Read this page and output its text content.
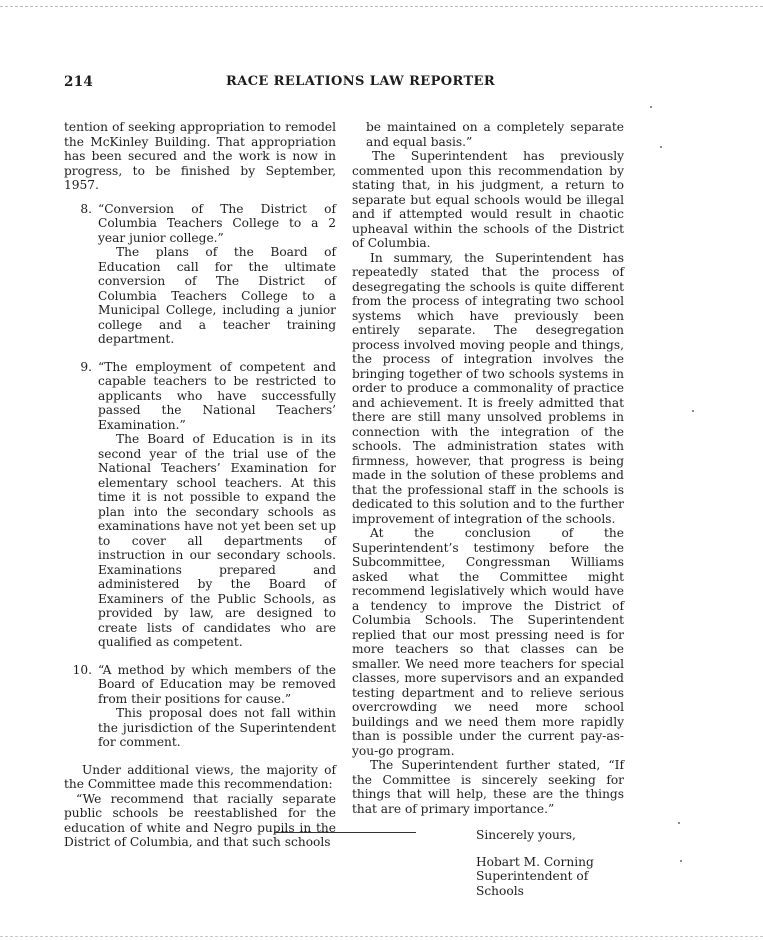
214	RACE RELATIONS LAW REPORTER

tention of seeking appropriation to remodel the McKinley Building. That appropriation has been secured and the work is now in progress, to be finished by September, 1957.

8. “Conversion of The District of Columbia Teachers College to a 2 year junior college.”

The plans of the Board of Education call for the ultimate conversion of The District of Columbia Teachers College to a Municipal College, including a junior college and a teacher training department.

9. “The employment of competent and capable teachers to be restricted to applicants who have successfully passed the National Teachers’ Examination.”

The Board of Education is in its second year of the trial use of the National Teachers’ Examination for elementary school teachers. At this time it is not possible to expand the plan into the secondary schools as examinations have not yet been set up to cover all departments of instruction in our secondary schools. Examinations prepared and administered by the Board of Examiners of the Public Schools, as provided by law, are designed to create lists of candidates who are qualified as competent.

10. “A method by which members of the Board of Education may be removed from their positions for cause.”

This proposal does not fall within the jurisdiction of the Superintendent for comment.

Under additional views, the majority of the Committee made this recommendation:

“We recommend that racially separate public schools be reestablished for the education of white and Negro pupils in the District of Columbia, and that such schools

be maintained on a completely separate and equal basis.”

The Superintendent has previously commented upon this recommendation by stating that, in his judgment, a return to separate but equal schools would be illegal and if attempted would result in chaotic upheaval within the schools of the District of Columbia.

In summary, the Superintendent has repeatedly stated that the process of desegregating the schools is quite different from the process of integrating two school systems which have previously been entirely separate. The desegregation process involved moving people and things, the process of integration involves the bringing together of two schools systems in order to produce a commonality of practice and achievement. It is freely admitted that there are still many unsolved problems in connection with the integration of the schools. The administration states with firmness, however, that progress is being made in the solution of these problems and that the professional staff in the schools is dedicated to this solution and to the further improvement of integration of the schools.

At the conclusion of the Superintendent’s testimony before the Subcommittee, Congressman Williams asked what the Committee might recommend legislatively which would have a tendency to improve the District of Columbia Schools. The Superintendent replied that our most pressing need is for more teachers so that classes can be smaller. We need more teachers for special classes, more supervisors and an expanded testing department and to relieve serious overcrowding we need more school buildings and we need them more rapidly than is possible under the current pay-as-you-go program.

The Superintendent further stated, “If the Committee is sincerely seeking for things that will help, these are the things that are of primary importance.”

Sincerely yours,
Hobart M. Corning
Superintendent of Schools
